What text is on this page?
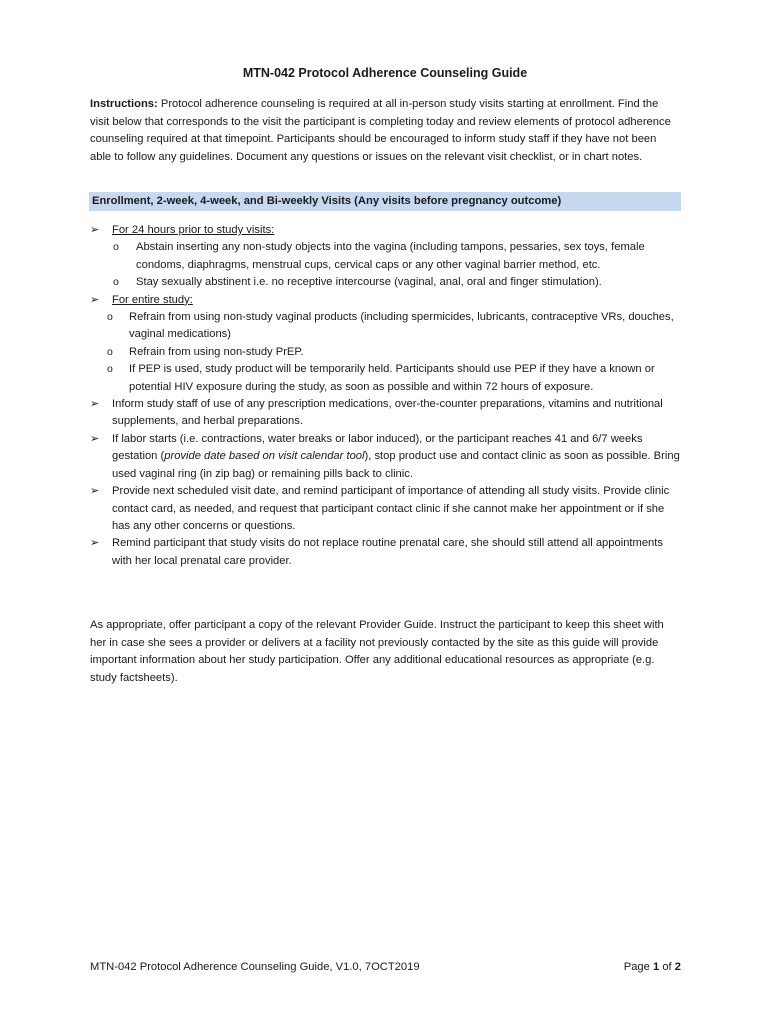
MTN-042 Protocol Adherence Counseling Guide
Instructions: Protocol adherence counseling is required at all in-person study visits starting at enrollment. Find the visit below that corresponds to the visit the participant is completing today and review elements of protocol adherence counseling required at that timepoint. Participants should be encouraged to inform study staff if they have not been able to follow any guidelines. Document any questions or issues on the relevant visit checklist, or in chart notes.
Enrollment, 2-week, 4-week, and Bi-weekly Visits (Any visits before pregnancy outcome)
➢ For 24 hours prior to study visits:
o Abstain inserting any non-study objects into the vagina (including tampons, pessaries, sex toys, female condoms, diaphragms, menstrual cups, cervical caps or any other vaginal barrier method, etc.
o Stay sexually abstinent i.e. no receptive intercourse (vaginal, anal, oral and finger stimulation).
➢ For entire study:
o Refrain from using non-study vaginal products (including spermicides, lubricants, contraceptive VRs, douches, vaginal medications)
o Refrain from using non-study PrEP.
o If PEP is used, study product will be temporarily held. Participants should use PEP if they have a known or potential HIV exposure during the study, as soon as possible and within 72 hours of exposure.
➢ Inform study staff of use of any prescription medications, over-the-counter preparations, vitamins and nutritional supplements, and herbal preparations.
➢ If labor starts (i.e. contractions, water breaks or labor induced), or the participant reaches 41 and 6/7 weeks gestation (provide date based on visit calendar tool), stop product use and contact clinic as soon as possible. Bring used vaginal ring (in zip bag) or remaining pills back to clinic.
➢ Provide next scheduled visit date, and remind participant of importance of attending all study visits. Provide clinic contact card, as needed, and request that participant contact clinic if she cannot make her appointment or if she has any other concerns or questions.
➢ Remind participant that study visits do not replace routine prenatal care, she should still attend all appointments with her local prenatal care provider.
As appropriate, offer participant a copy of the relevant Provider Guide. Instruct the participant to keep this sheet with her in case she sees a provider or delivers at a facility not previously contacted by the site as this guide will provide important information about her study participation. Offer any additional educational resources as appropriate (e.g. study factsheets).
MTN-042 Protocol Adherence Counseling Guide, V1.0, 7OCT2019	Page 1 of 2
